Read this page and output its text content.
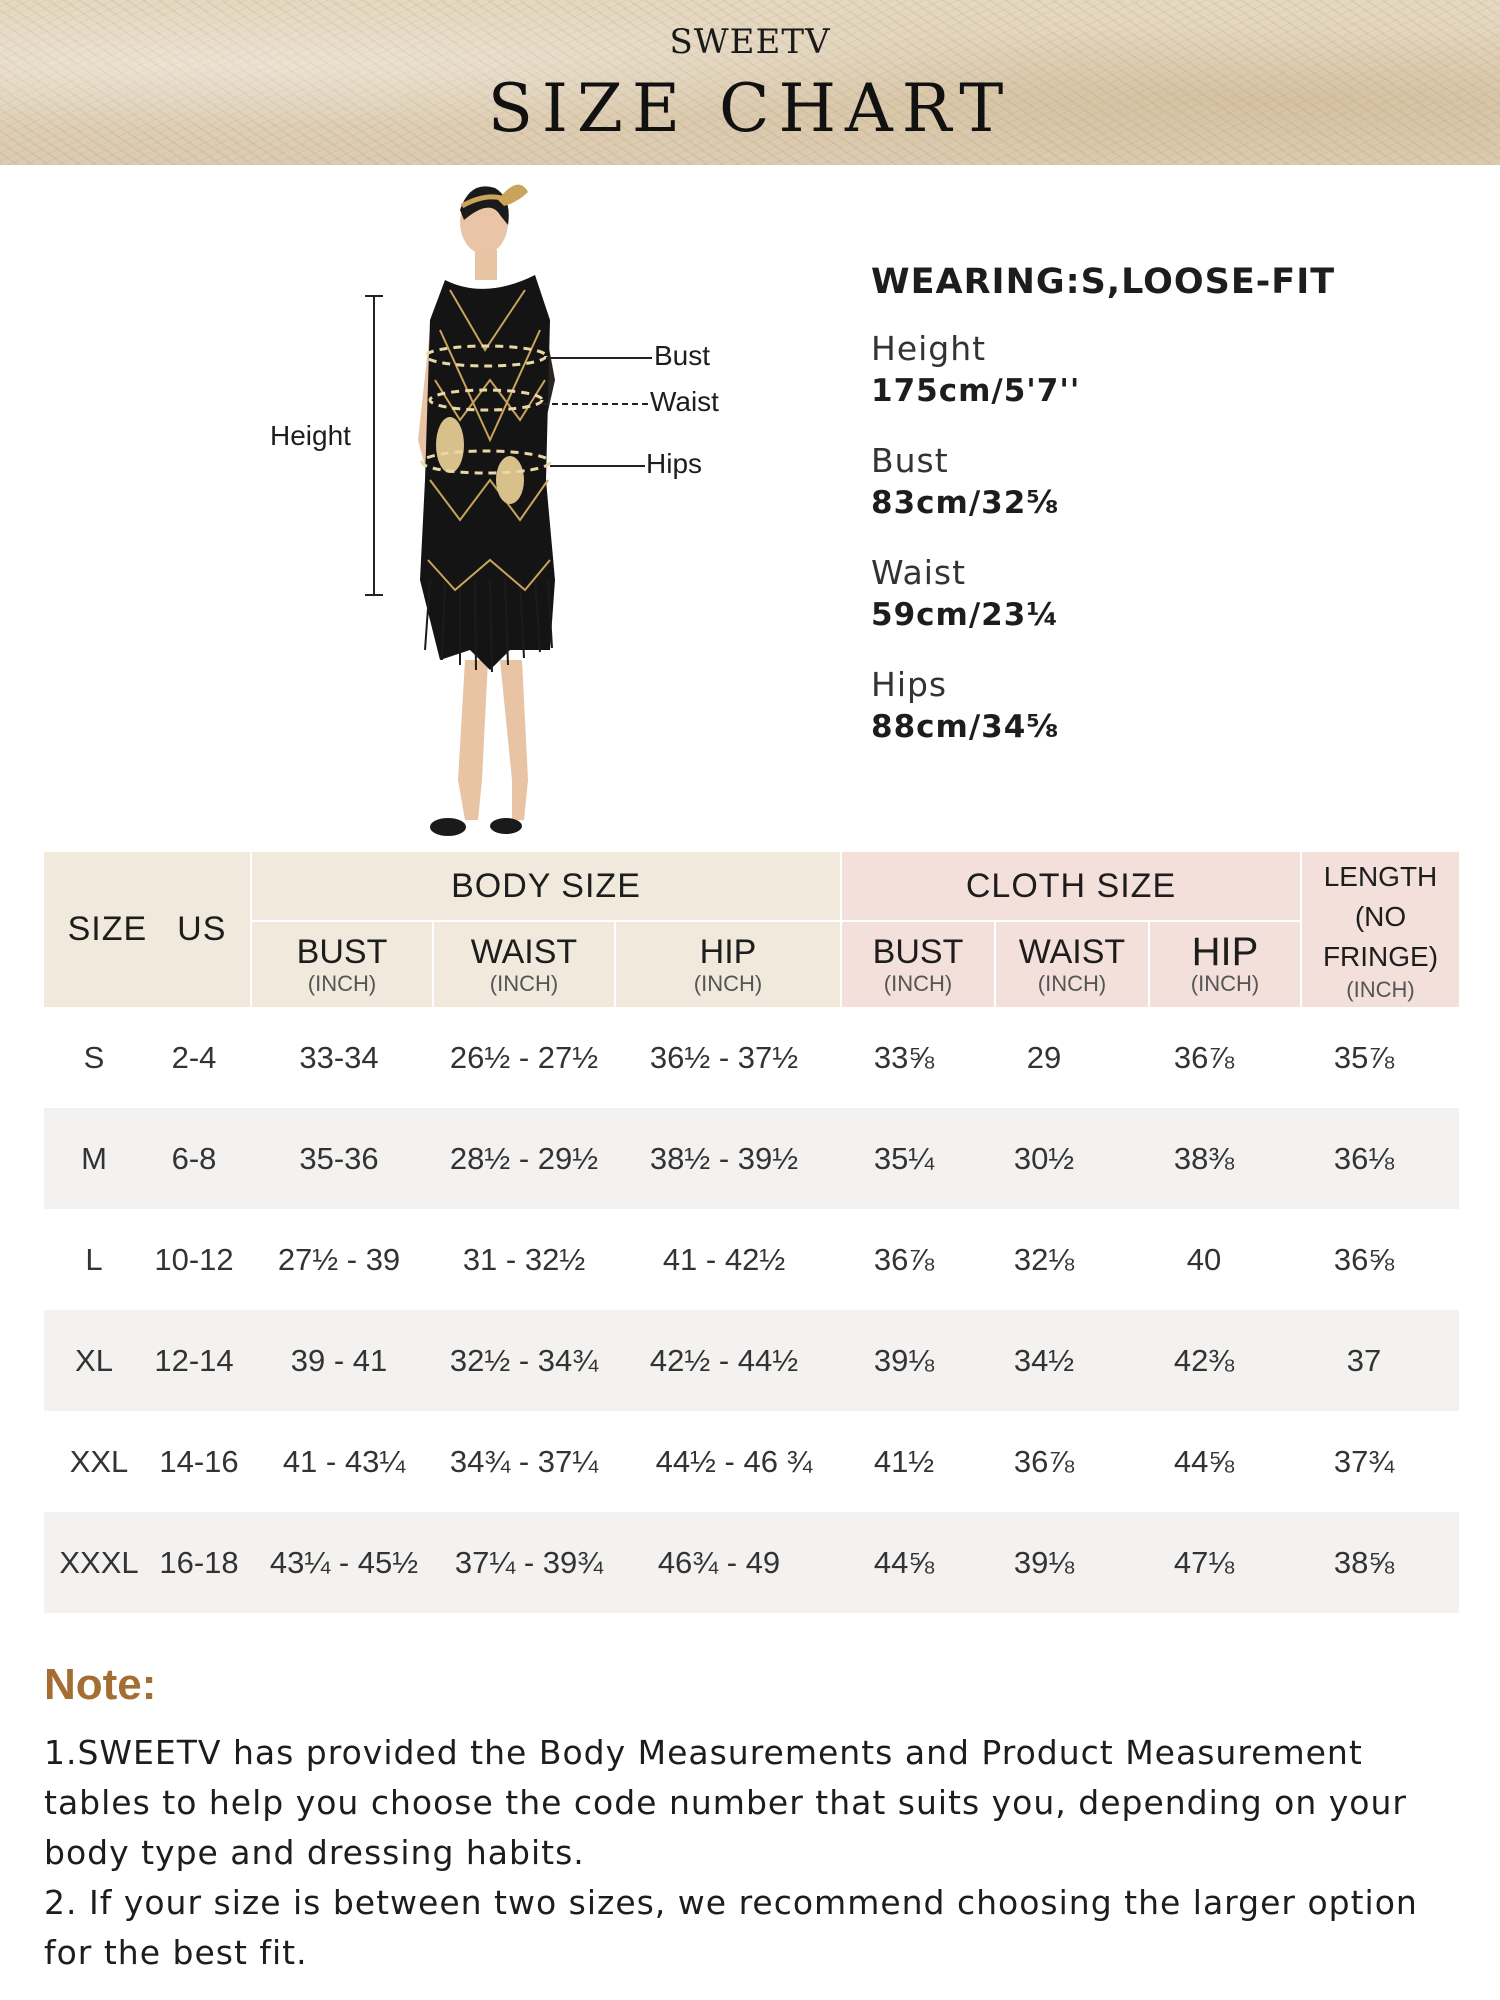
SWEETV
SIZE CHART
Height
Bust
Waist
Hips
WEARING:S,LOOSE-FIT
Height
175cm/5'7''
Bust
83cm/32⅝
Waist
59cm/23¼
Hips
88cm/34⅝
SIZE US
BODY SIZE
BUST
(INCH)
WAIST
(INCH)
HIP
(INCH)
CLOTH SIZE
BUST
(INCH)
WAIST
(INCH)
HIP
(INCH)
LENGTH
(NO FRINGE)
(INCH)
S	2-4	33-34	26½ - 27½	36½ - 37½	33⅝	29	36⅞	35⅞
M	6-8	35-36	28½ - 29½	38½ - 39½	35¼	30½	38⅜	36⅛
L	10-12	27½ - 39	31 - 32½	41 - 42½	36⅞	32⅛	40	36⅝
XL	12-14	39 - 41	32½ - 34¾	42½ - 44½	39⅛	34½	42⅜	37
XXL	14-16	41 - 43¼	34¾ - 37¼	44½ - 46 ¾	41½	36⅞	44⅝	37¾
XXXL 16-18	43¼ - 45½	37¼ - 39¾	46¾ - 49	44⅝	39⅛	47⅛	38⅝
Note:
1.SWEETV has provided the Body Measurements and Product Measurement
tables to help you choose the code number that suits you, depending on your
body type and dressing habits.
2. If your size is between two sizes, we recommend choosing the larger option
for the best fit.
